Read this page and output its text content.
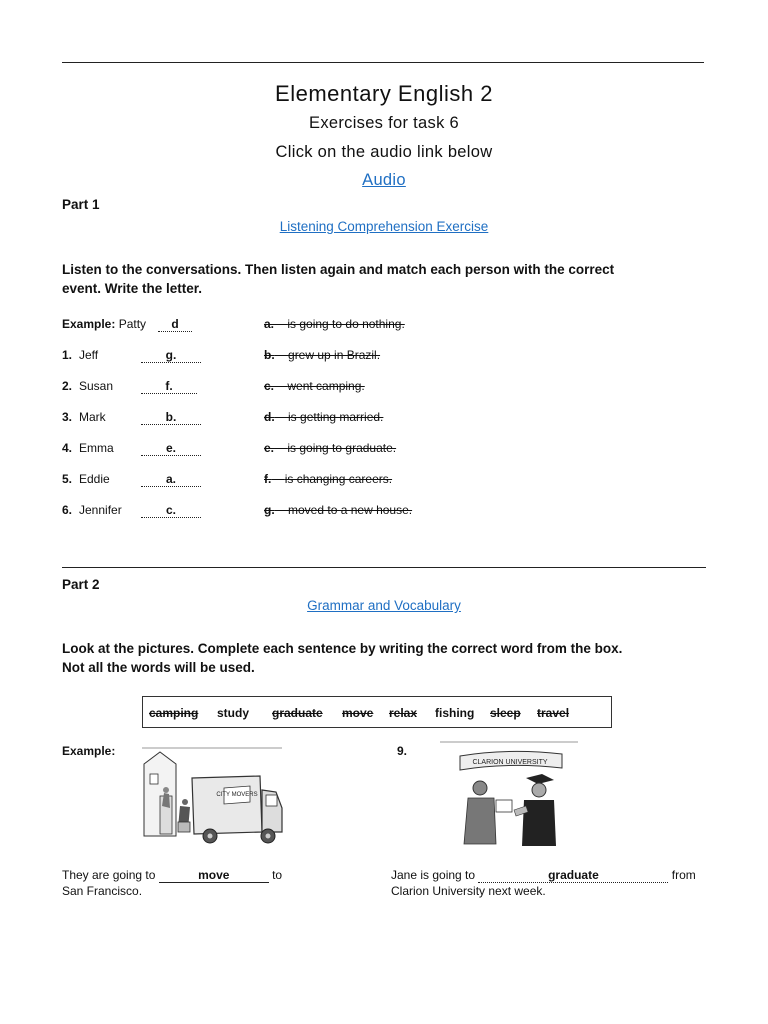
Elementary English 2
Exercises for task 6
Click on the audio link below
Audio
Part 1
Listening Comprehension Exercise
Listen to the conversations. Then listen again and match each person with the correct
event. Write the letter.
Example: Patty	d
1. Jeff	g.
2. Susan	f.
3. Mark	b.
4. Emma	e.
5. Eddie	a.
6. Jennifer	c.
a. is going to do nothing.
b. grew up in Brazil.
c. went camping.
d. is getting married.
e. is going to graduate.
f. is changing careers.
g. moved to a new house.
Part 2
Grammar and Vocabulary
Look at the pictures. Complete each sentence by writing the correct word from the box.
Not all the words will be used.
camping study graduate move relax fishing sleep travel
Example:	9.
CITY MOVERS
CLARION UNIVERSITY
They are going to	move	to
San Francisco.
Jane is going to	graduate	from
Clarion University next week.
